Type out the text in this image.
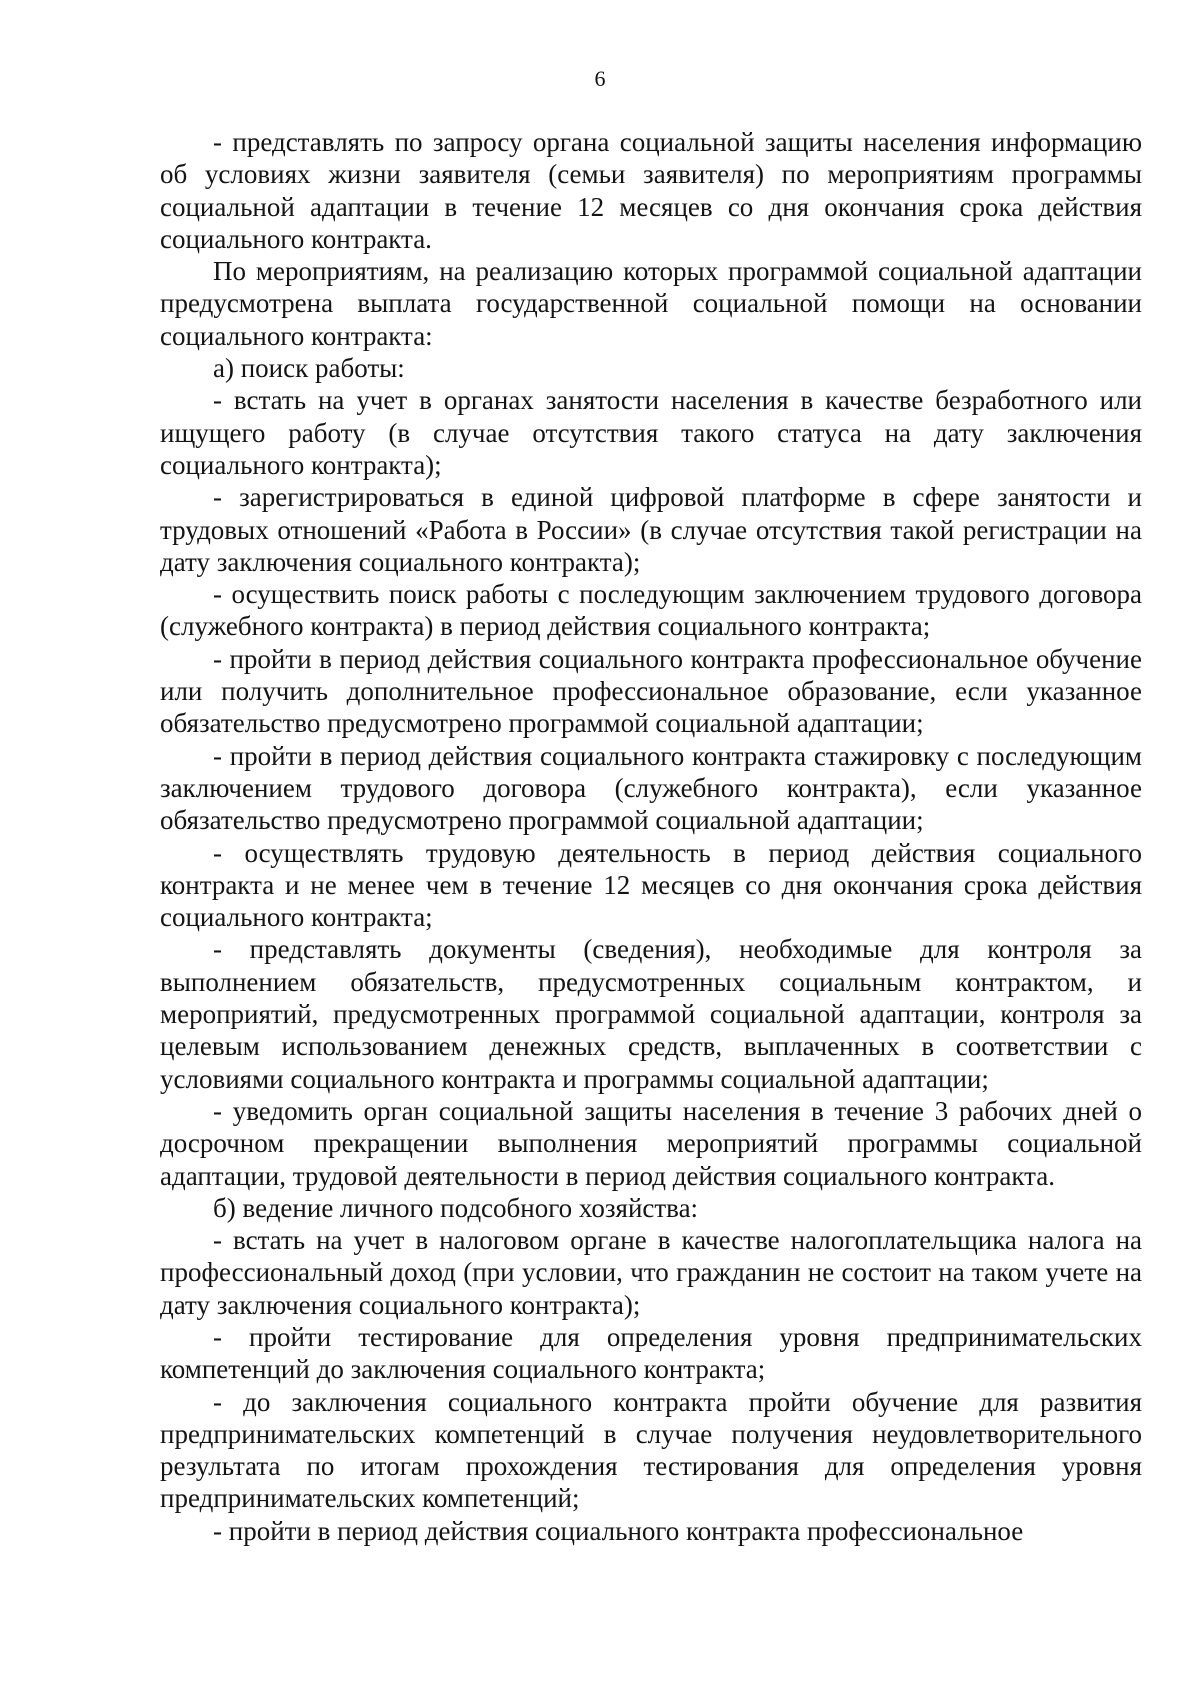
6

- представлять по запросу органа социальной защиты населения информацию об условиях жизни заявителя (семьи заявителя) по мероприятиям программы социальной адаптации в течение 12 месяцев со дня окончания срока действия социального контракта.

По мероприятиям, на реализацию которых программой социальной адаптации предусмотрена выплата государственной социальной помощи на основании социального контракта:

а) поиск работы:

- встать на учет в органах занятости населения в качестве безработного или ищущего работу (в случае отсутствия такого статуса на дату заключения социального контракта);

- зарегистрироваться в единой цифровой платформе в сфере занятости и трудовых отношений «Работа в России» (в случае отсутствия такой регистрации на дату заключения социального контракта);

- осуществить поиск работы с последующим заключением трудового договора (служебного контракта) в период действия социального контракта;

- пройти в период действия социального контракта профессиональное обучение или получить дополнительное профессиональное образование, если указанное обязательство предусмотрено программой социальной адаптации;

- пройти в период действия социального контракта стажировку с последующим заключением трудового договора (служебного контракта), если указанное обязательство предусмотрено программой социальной адаптации;

- осуществлять трудовую деятельность в период действия социального контракта и не менее чем в течение 12 месяцев со дня окончания срока действия социального контракта;

- представлять документы (сведения), необходимые для контроля за выполнением обязательств, предусмотренных социальным контрактом, и мероприятий, предусмотренных программой социальной адаптации, контроля за целевым использованием денежных средств, выплаченных в соответствии с условиями социального контракта и программы социальной адаптации;

- уведомить орган социальной защиты населения в течение 3 рабочих дней о досрочном прекращении выполнения мероприятий программы социальной адаптации, трудовой деятельности в период действия социального контракта.

б) ведение личного подсобного хозяйства:

- встать на учет в налоговом органе в качестве налогоплательщика налога на профессиональный доход (при условии, что гражданин не состоит на таком учете на дату заключения социального контракта);

- пройти тестирование для определения уровня предпринимательских компетенций до заключения социального контракта;

- до заключения социального контракта пройти обучение для развития предпринимательских компетенций в случае получения неудовлетворительного результата по итогам прохождения тестирования для определения уровня предпринимательских компетенций;

- пройти в период действия социального контракта профессиональное
